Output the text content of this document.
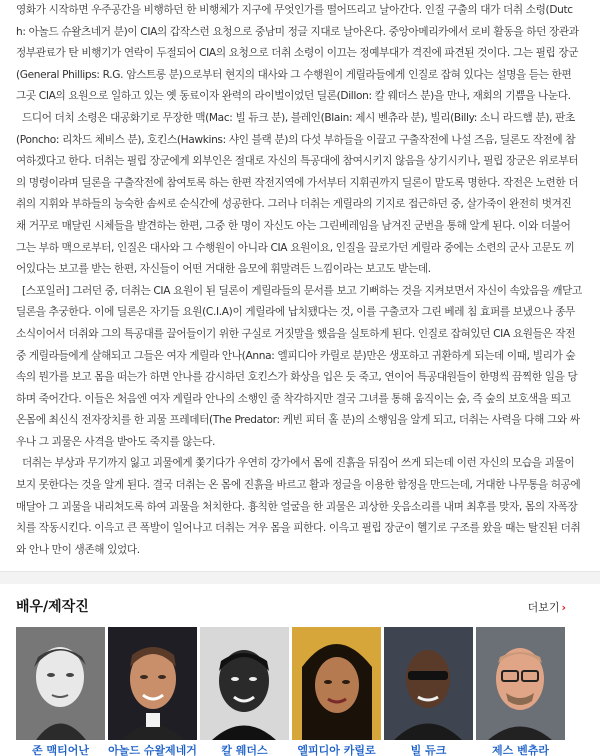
영화가 시작하면 우주공간을 비행하던 한 비행체가 지구에 무엇인가를 떨어뜨리고 날아간다. 인질 구출의 대가 더취 소령(Dutch: 아놀드 슈왈츠네거 분)이 CIA의 갑작스런 요청으로 중남미 정글 지대로 날아온다. 중앙아메리카에서 로비 활동을 하던 장관과 정부관료가 탄 비행기가 연락이 두절되어 CIA의 요청으로 더취 소령이 이끄는 정예부대가 격진에 파견된 것이다. 그는 필립 장군(General Phillips: R.G. 암스트롱 분)으로부터 현지의 대사와 그 수행원이 게릴라들에게 인질로 잡혀 있다는 설명을 듣는 한편 그곳 CIA의 요원으로 일하고 있는 옛 동료이자 완력의 라이벌이었던 딜론(Dillon: 칼 웨더스 분)을 만나, 재회의 기쁨을 나눈다.

드디어 더치 소령은 대공화기로 무장한 맥(Mac: 빌 듀크 분), 블레인(Blain: 제시 벤츄라 분), 빌리(Billy: 소니 라드햄 분), 판초(Poncho: 리차드 체비스 분), 호킨스(Hawkins: 샤인 블랙 분)의 다섯 부하들을 이끌고 구출작전에 나설 즈음, 딜론도 작전에 참여하겠다고 한다. 더취는 필립 장군에게 외부인은 절대로 자신의 특공대에 참여시키지 않음을 상기시키나, 필립 장군은 위로부터의 명령이라며 딜론을 구출작전에 참여토록 하는 한편 작전지역에 가서부터 지휘권까지 딜론이 맡도록 명한다. 작전은 노련한 더취의 지휘와 부하들의 능숙한 솜씨로 순식간에 성공한다. 그러나 더취는 게릴라의 기지로 접근하던 중, 살가죽이 완전히 벗겨진 채 거꾸로 매달린 시체들을 발견하는 한편, 그중 한 명이 자신도 아는 그린베레임을 남겨진 군번을 통해 알게 된다. 이와 더불어 그는 부하 맥으로부터, 인질은 대사와 그 수행원이 아니라 CIA 요원이요, 인질을 끌로가던 게릴라 중에는 소련의 군사 고문도 끼어있다는 보고를 받는 한편, 자신들이 어떤 거대한 음모에 휘말려든 느낌이라는 보고도 받는데.

[스포일러] 그러던 중, 더취는 CIA 요원이 된 딜론이 게릴라들의 문서를 보고 기뻐하는 것을 지켜보면서 자신이 속았음을 깨닫고 딜론을 추궁한다. 이에 딜론은 자기들 요원(C.I.A)이 게릴라에 납치됐다는 것, 이를 구출코자 그린 베레 침 효퍼를 보냈으나 종무 소식이어서 더취와 그의 특공대를 끌어들이기 위한 구실로 거짓말을 했음을 실토하게 된다. 인질로 잡혀있던 CIA 요원들은 작전 중 게릴라들에게 살해되고 그들은 여자 게릴라 안나(Anna: 엘피디아 카릴로 분)만은 생포하고 귀환하게 되는데 이때, 빌리가 숲속의 뭔가를 보고 몸을 떠는가 하면 안나를 감시하던 호킨스가 화상을 입은 듯 죽고, 연이어 특공대원들이 한명씩 끔찍한 일을 당하며 죽어간다. 이들은 처음엔 여자 게릴라 안나의 소행인 줄 착각하지만 결국 그녀를 통해 움직이는 숲, 즉 숲의 보호색을 띄고 온몸에 최신식 전자장치를 한 괴물 프레데터(The Predator: 케빈 피터 홀 분)의 소행임을 알게 되고, 더취는 사력을 다해 그와 싸우나 그 괴물은 사격을 받아도 죽지를 않는다.

더취는 부상과 무기까지 잃고 괴물에게 쫓기다가 우연히 강가에서 몸에 진흙을 뒤집어 쓰게 되는데 이런 자신의 모습을 괴물이 보지 못한다는 것을 알게 된다. 결국 더취는 온 몸에 진흙을 바르고 활과 정글을 이용한 함정을 만드는데, 거대한 나무통을 허공에 매달아 그 괴물을 내리쳐도록 하여 괴물을 처치한다. 흉칙한 얼굴을 한 괴물은 괴상한 웃음소리를 내며 최후를 맞자, 몸의 자폭장치를 작동시킨다. 이윽고 큰 폭발이 일어나고 더취는 겨우 몸을 피한다. 이윽고 필립 장군이 헬기로 구조를 왔을 때는 탈진된 더취와 안나 만이 생존해 있었다.

배우/제작진	더보기 ›
존 맥티어난	아놀드 슈왈제네거	칼 웨더스	엘피디아 카릴로	빌 듀크	제스 벤츄라
